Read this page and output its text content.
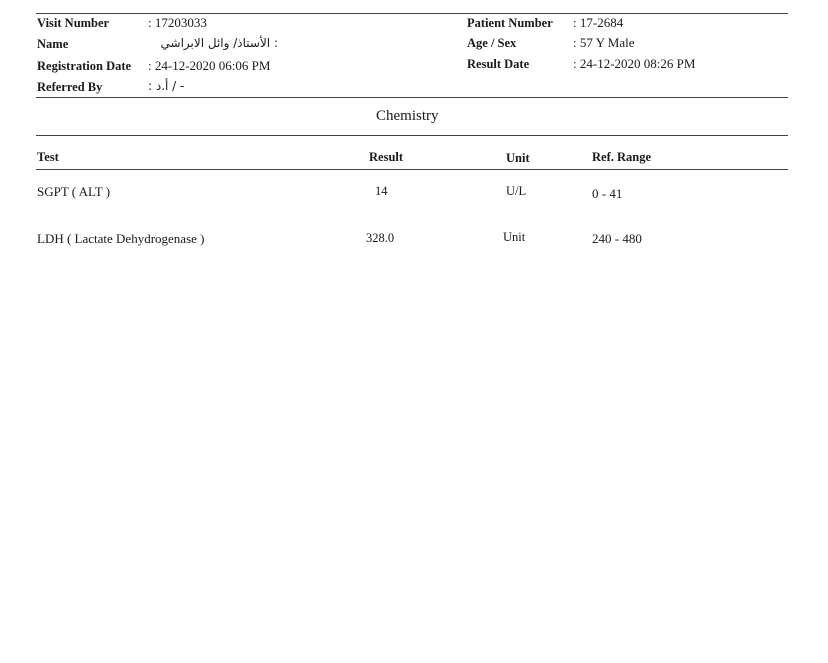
Visit Number	: 17203033
Name	: الأستاذ/ وائل الابراشي
Registration Date : 24-12-2020 06:06 PM
Referred By	: أ.د / -
Patient Number : 17-2684
Age / Sex	: 57 Y Male
Result Date	: 24-12-2020 08:26 PM
Chemistry
Test	Result	Unit	Ref. Range
SGPT ( ALT )	14	U/L	0 - 41
LDH ( Lactate Dehydrogenase )	328.0	Unit	240 - 480
